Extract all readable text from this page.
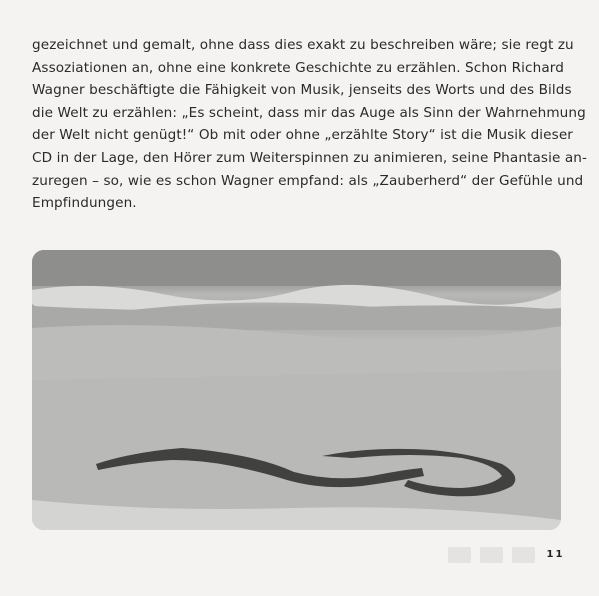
gezeichnet und gemalt, ohne dass dies exakt zu beschreiben wäre; sie regt zu
Assoziationen an, ohne eine konkrete Geschichte zu erzählen. Schon Richard
Wagner beschäftigte die Fähigkeit von Musik, jenseits des Worts und des Bilds
die Welt zu erzählen: „Es scheint, dass mir das Auge als Sinn der Wahrnehmung
der Welt nicht genügt!“ Ob mit oder ohne „erzählte Story“ ist die Musik dieser
CD in der Lage, den Hörer zum Weiterspinnen zu animieren, seine Phantasie an-
zuregen – so, wie es schon Wagner empfand: als „Zauberherd“ der Gefühle und
Empfindungen.
11
